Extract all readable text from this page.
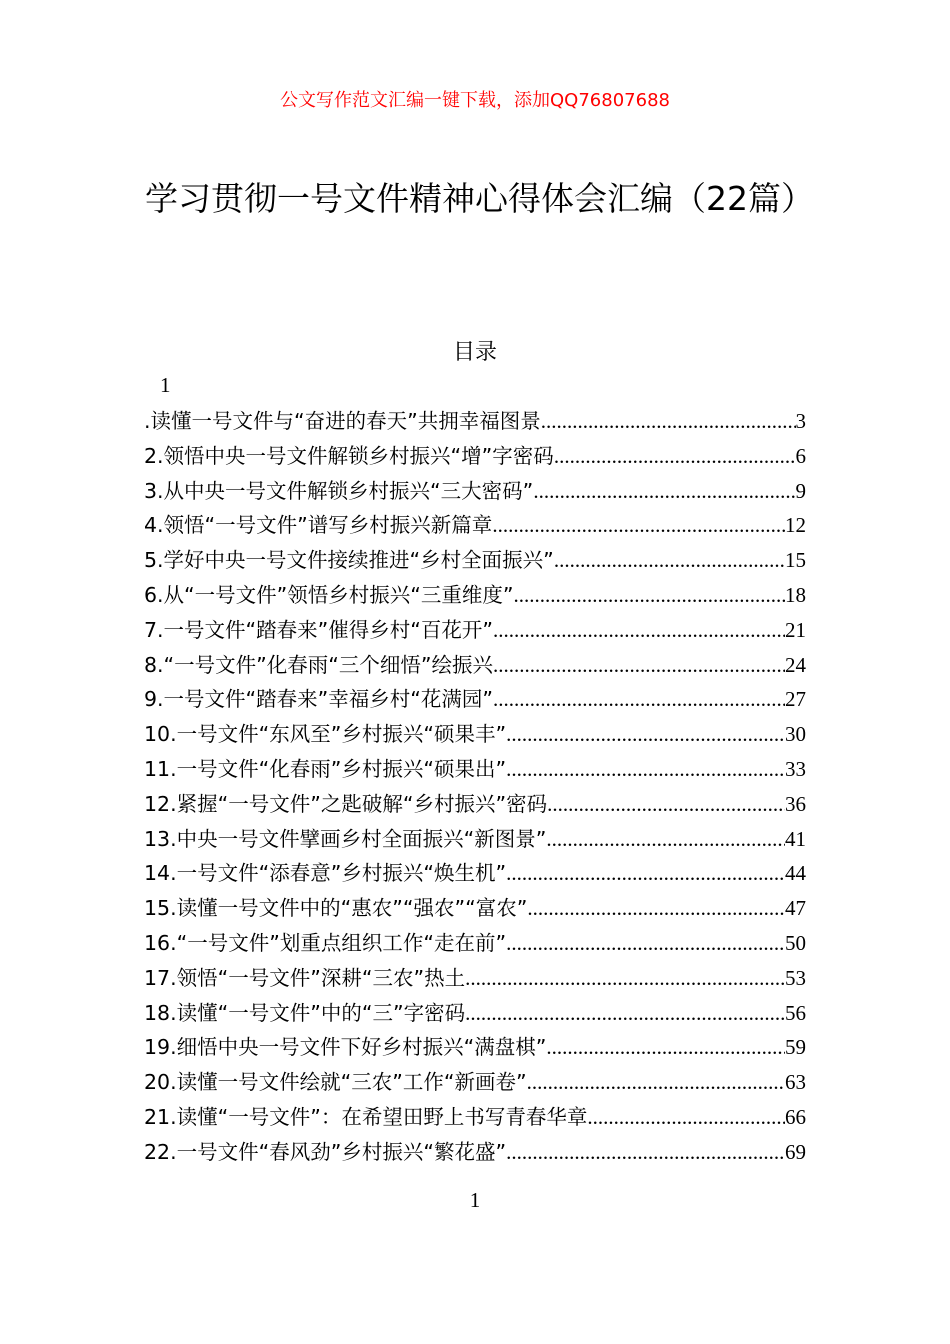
公文写作范文汇编一键下载，添加QQ76807688
学习贯彻一号文件精神心得体会汇编（22篇）
目录
1
.读懂一号文件与“奋进的春天”共拥幸福图景 .....	3
2.领悟中央一号文件解锁乡村振兴“增”字密码 .....	6
3.从中央一号文件解锁乡村振兴“三大密码” .....	9
4.领悟“一号文件”谱写乡村振兴新篇章 .....	12
5.学好中央一号文件接续推进“乡村全面振兴” .....	15
6.从“一号文件”领悟乡村振兴“三重维度” .....	18
7.一号文件“踏春来”催得乡村“百花开” .....	21
8.“一号文件”化春雨“三个细悟”绘振兴 .....	24
9.一号文件“踏春来”幸福乡村“花满园” .....	27
10.一号文件“东风至”乡村振兴“硕果丰” .....	30
11.一号文件“化春雨”乡村振兴“硕果出” .....	33
12.紧握“一号文件”之匙破解“乡村振兴”密码 .....	36
13.中央一号文件擘画乡村全面振兴“新图景” .....	41
14.一号文件“添春意”乡村振兴“焕生机” .....	44
15.读懂一号文件中的“惠农”“强农”“富农” .....	47
16.“一号文件”划重点组织工作“走在前” .....	50
17.领悟“一号文件”深耕“三农”热土 .....	53
18.读懂“一号文件”中的“三”字密码 .....	56
19.细悟中央一号文件下好乡村振兴“满盘棋” .....	59
20.读懂一号文件绘就“三农”工作“新画卷” .....	63
21.读懂“一号文件”：在希望田野上书写青春华章 .....	66
22.一号文件“春风劲”乡村振兴“繁花盛” .....	69
1
